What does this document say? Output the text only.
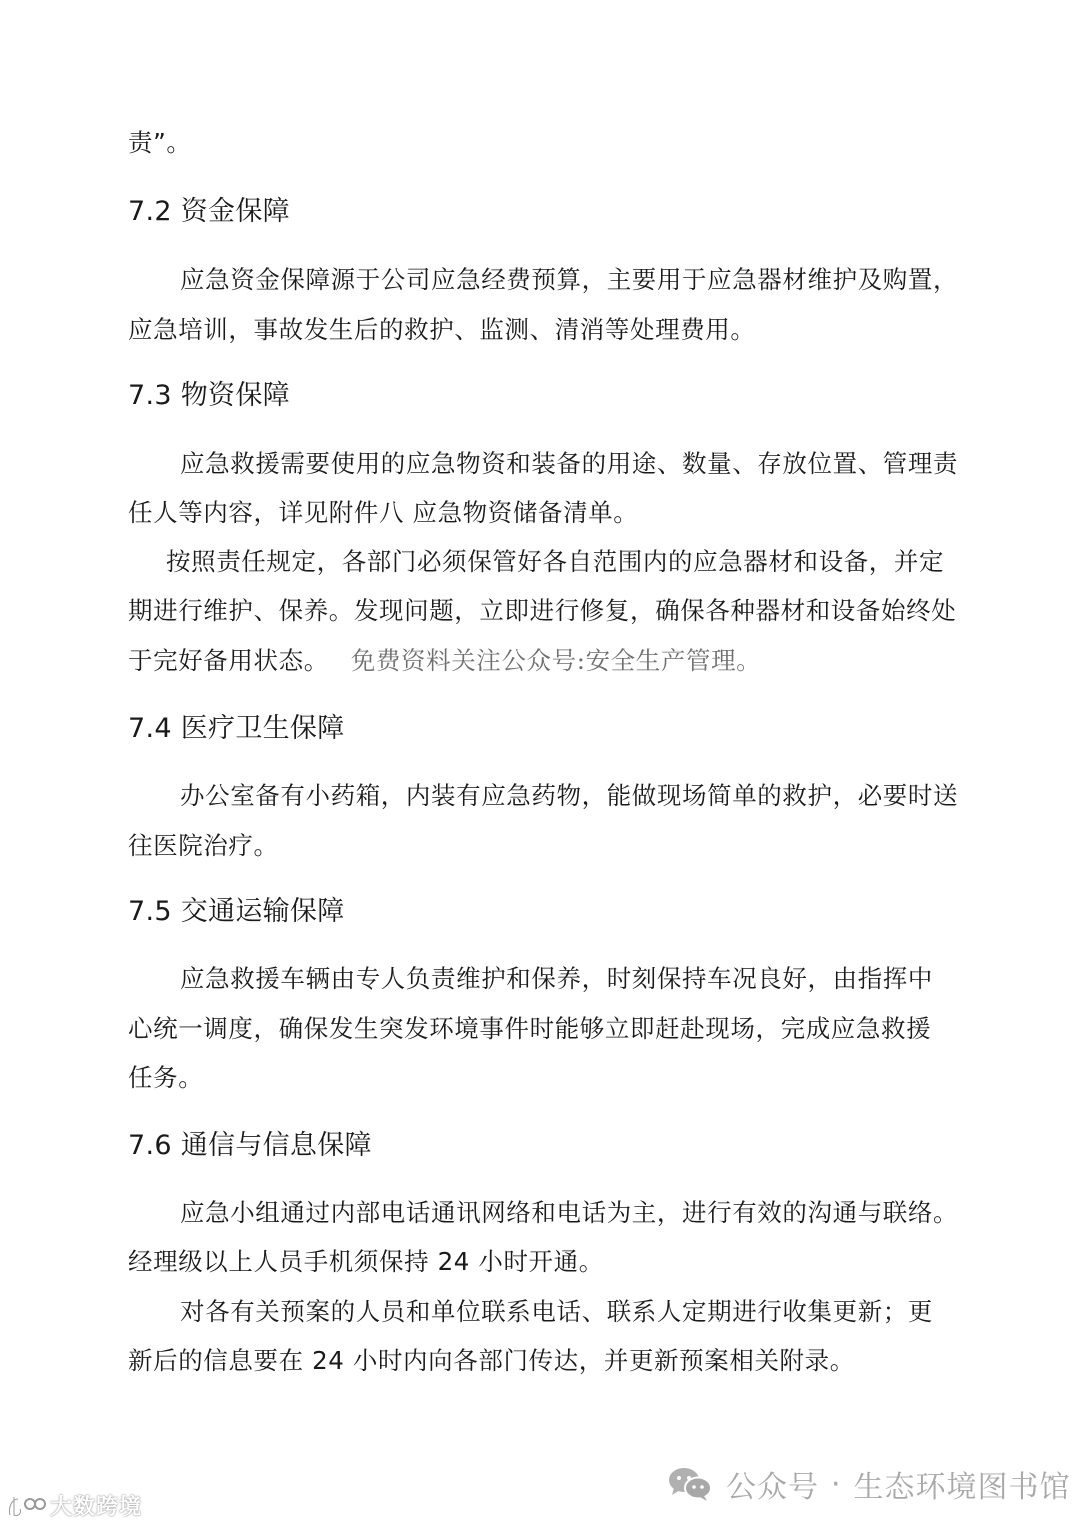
责”。
7.2 资金保障
应急资金保障源于公司应急经费预算，主要用于应急器材维护及购置，
应急培训，事故发生后的救护、监测、清消等处理费用。
7.3 物资保障
应急救援需要使用的应急物资和装备的用途、数量、存放位置、管理责
任人等内容，详见附件八 应急物资储备清单。
按照责任规定，各部门必须保管好各自范围内的应急器材和设备，并定
期进行维护、保养。发现问题，立即进行修复，确保各种器材和设备始终处
于完好备用状态。 免费资料关注公众号:安全生产管理。
7.4 医疗卫生保障
办公室备有小药箱，内装有应急药物，能做现场简单的救护，必要时送
往医院治疗。
7.5 交通运输保障
应急救援车辆由专人负责维护和保养，时刻保持车况良好，由指挥中
心统一调度，确保发生突发环境事件时能够立即赶赴现场，完成应急救援
任务。
7.6 通信与信息保障
应急小组通过内部电话通讯网络和电话为主，进行有效的沟通与联络。
经理级以上人员手机须保持 24 小时开通。
对各有关预案的人员和单位联系电话、联系人定期进行收集更新；更
新后的信息要在 24 小时内向各部门传达，并更新预案相关附录。
公众号 · 生态环境图书馆
大数跨境
